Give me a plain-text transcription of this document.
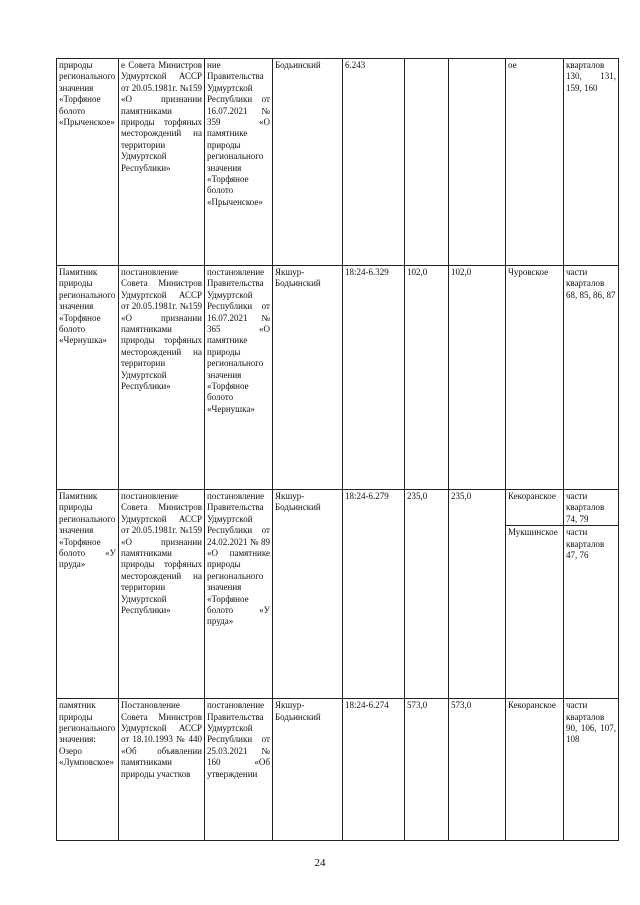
природы регионального значения «Торфяное болото «Прыченское»	е Совета Министров Удмуртской АССР от 20.05.1981г. №159 «О признании памятниками природы торфяных месторождений на территории Удмуртской Республики»	ние Правительства Удмуртской Республики от 16.07.2021 № 359 «О памятнике природы регионального значения «Торфяное болото «Прыченское»	Бодьинский	6.243			ое	кварталов 130, 131, 159, 160
Памятник природы регионального значения «Торфяное болото «Чернушка»	постановление Совета Министров Удмуртской АССР от 20.05.1981г. №159 «О признании памятниками природы торфяных месторождений на территории Удмуртской Республики»	постановление Правительства Удмуртской Республики от 16.07.2021 № 365 «О памятнике природы регионального значения «Торфяное болото «Чернушка»	Якшур-Бодьинский	18:24-6.329	102,0	102,0	Чуровское	части кварталов 68, 85, 86, 87
Памятник природы регионального значения «Торфяное болото «У пруда»	постановление Совета Министров Удмуртской АССР от 20.05.1981г. №159 «О признании памятниками природы торфяных месторождений на территории Удмуртской Республики»	постановление Правительства Удмуртской Республики от 24.02.2021 № 89 «О памятнике природы регионального значения «Торфяное болото «У пруда»	Якшур-Бодьинский	18:24-6.279	235,0	235,0	Кекоранское	части кварталов 74, 79
							Мукшинское	части кварталов 47, 76
памятник природы регионального значения: Озеро «Лумповское»	Постановление Совета Министров Удмуртской АССР от 18.10.1993 № 440 «Об объявлении памятниками природы участков	постановление Правительства Удмуртской Республики от 25.03.2021 № 160 «Об утверждении	Якшур-Бодьинский	18:24-6.274	573,0	573,0	Кекоранское	части кварталов 90, 106, 107, 108
24
